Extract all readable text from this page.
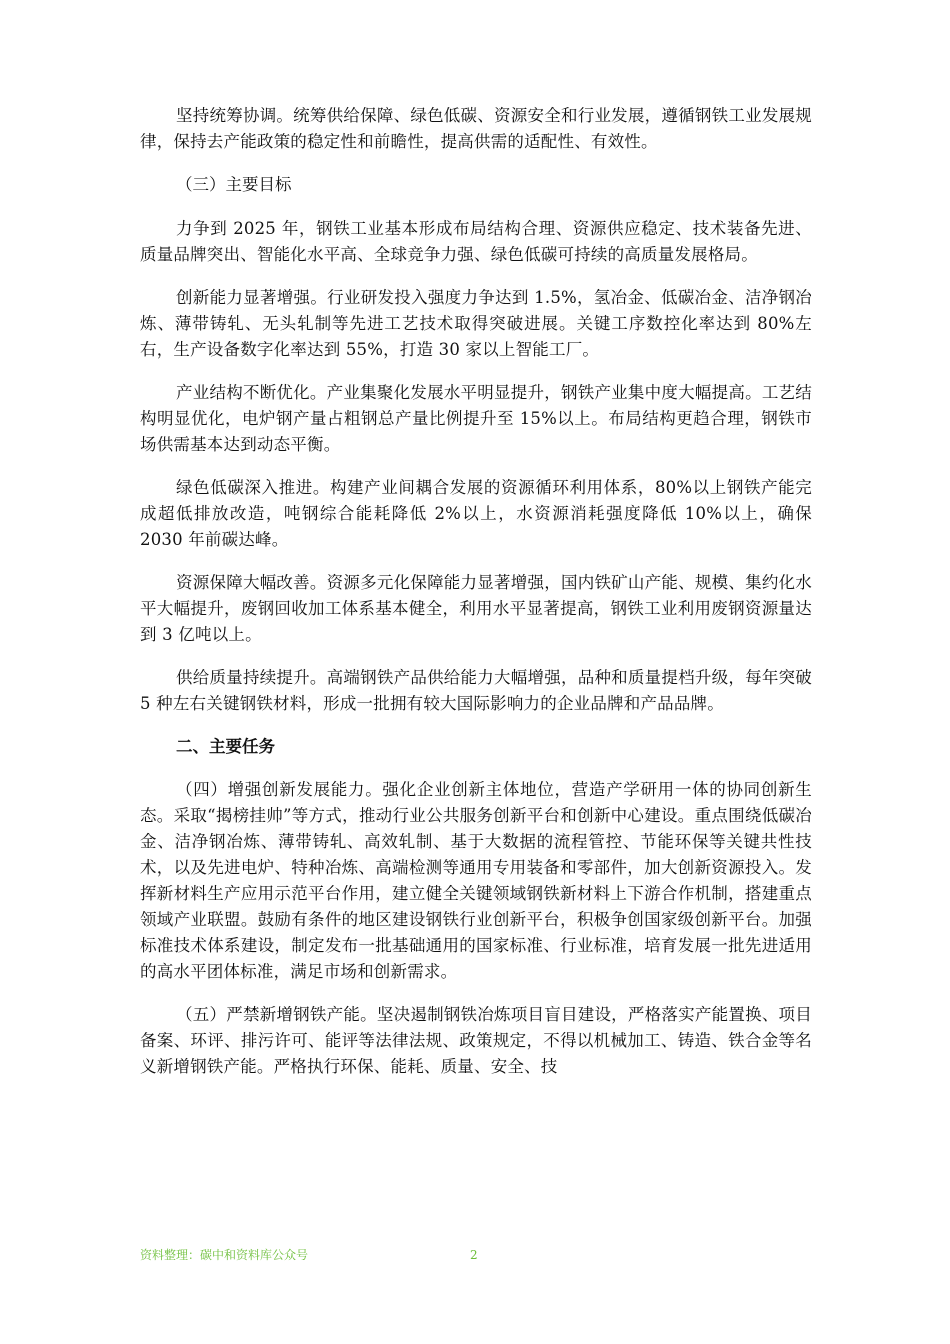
坚持统筹协调。统筹供给保障、绿色低碳、资源安全和行业发展，遵循钢铁工业发展规律，保持去产能政策的稳定性和前瞻性，提高供需的适配性、有效性。

（三）主要目标

力争到 2025 年，钢铁工业基本形成布局结构合理、资源供应稳定、技术装备先进、质量品牌突出、智能化水平高、全球竞争力强、绿色低碳可持续的高质量发展格局。

创新能力显著增强。行业研发投入强度力争达到 1.5%，氢冶金、低碳冶金、洁净钢冶炼、薄带铸轧、无头轧制等先进工艺技术取得突破进展。关键工序数控化率达到 80%左右，生产设备数字化率达到 55%，打造 30 家以上智能工厂。

产业结构不断优化。产业集聚化发展水平明显提升，钢铁产业集中度大幅提高。工艺结构明显优化，电炉钢产量占粗钢总产量比例提升至 15%以上。布局结构更趋合理，钢铁市场供需基本达到动态平衡。

绿色低碳深入推进。构建产业间耦合发展的资源循环利用体系，80%以上钢铁产能完成超低排放改造，吨钢综合能耗降低 2%以上，水资源消耗强度降低 10%以上，确保 2030 年前碳达峰。

资源保障大幅改善。资源多元化保障能力显著增强，国内铁矿山产能、规模、集约化水平大幅提升，废钢回收加工体系基本健全，利用水平显著提高，钢铁工业利用废钢资源量达到 3 亿吨以上。

供给质量持续提升。高端钢铁产品供给能力大幅增强，品种和质量提档升级，每年突破 5 种左右关键钢铁材料，形成一批拥有较大国际影响力的企业品牌和产品品牌。

二、主要任务

（四）增强创新发展能力。强化企业创新主体地位，营造产学研用一体的协同创新生态。采取“揭榜挂帅”等方式，推动行业公共服务创新平台和创新中心建设。重点围绕低碳冶金、洁净钢冶炼、薄带铸轧、高效轧制、基于大数据的流程管控、节能环保等关键共性技术，以及先进电炉、特种冶炼、高端检测等通用专用装备和零部件，加大创新资源投入。发挥新材料生产应用示范平台作用，建立健全关键领域钢铁新材料上下游合作机制，搭建重点领域产业联盟。鼓励有条件的地区建设钢铁行业创新平台，积极争创国家级创新平台。加强标准技术体系建设，制定发布一批基础通用的国家标准、行业标准，培育发展一批先进适用的高水平团体标准，满足市场和创新需求。

（五）严禁新增钢铁产能。坚决遏制钢铁冶炼项目盲目建设，严格落实产能置换、项目备案、环评、排污许可、能评等法律法规、政策规定，不得以机械加工、铸造、铁合金等名义新增钢铁产能。严格执行环保、能耗、质量、安全、技

资料整理：碳中和资料库公众号	2
